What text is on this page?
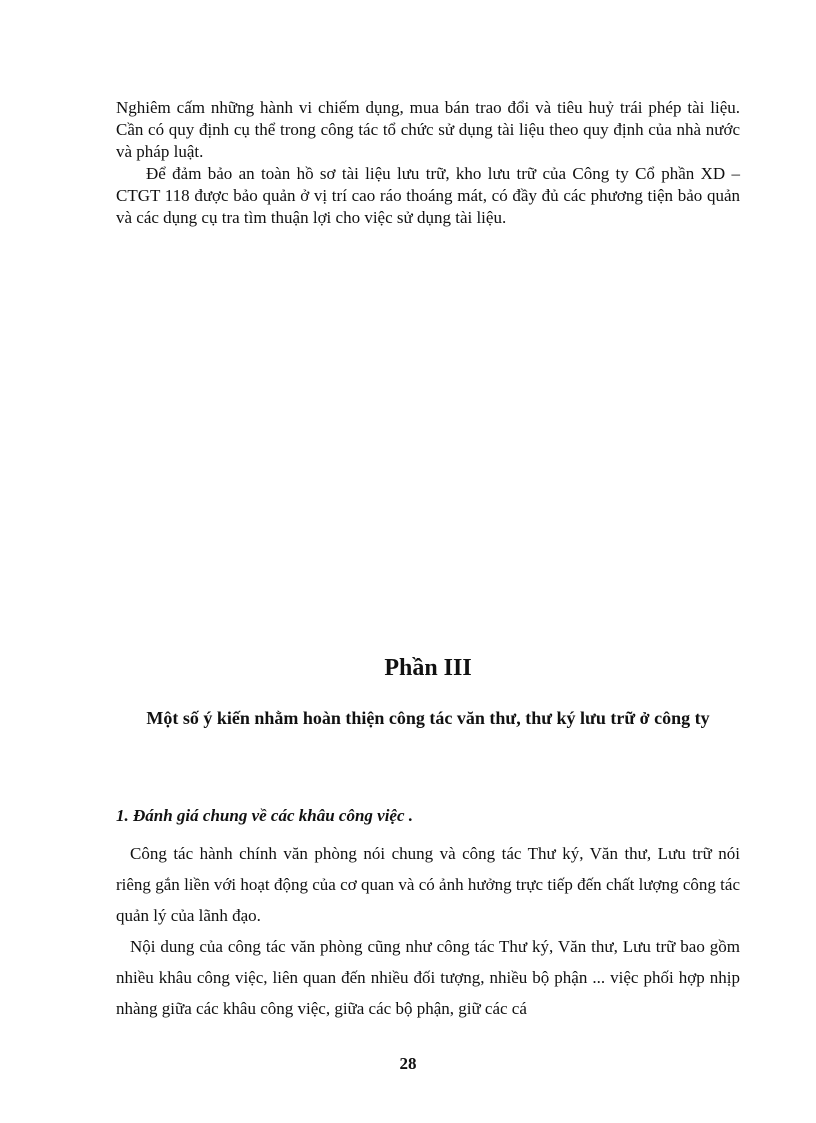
Nghiêm cấm những hành vi chiếm dụng, mua bán trao đổi và tiêu huỷ trái phép tài liệu. Cần có quy định cụ thể trong công tác tổ chức sử dụng tài liệu theo quy định của nhà nước và pháp luật.

Để đảm bảo an toàn hồ sơ tài liệu lưu trữ, kho lưu trữ của Công ty Cổ phần XD – CTGT 118 được bảo quản ở vị trí cao ráo thoáng mát, có đầy đủ các phương tiện bảo quản và các dụng cụ tra tìm thuận lợi cho việc sử dụng tài liệu.

Phần III
Một số ý kiến nhằm hoàn thiện công tác văn thư, thư ký lưu trữ ở công ty
1. Đánh giá chung về các khâu công việc .

Công tác hành chính văn phòng nói chung và công tác Thư ký, Văn thư, Lưu trữ nói riêng gắn liền với hoạt động của cơ quan và có ảnh hưởng trực tiếp đến chất lượng công tác quản lý của lãnh đạo.

Nội dung của công tác văn phòng cũng như công tác Thư ký, Văn thư, Lưu trữ bao gồm nhiều khâu công việc, liên quan đến nhiều đối tượng, nhiều bộ phận ... việc phối hợp nhịp nhàng giữa các khâu công việc, giữa các bộ phận, giữ các cá

28
